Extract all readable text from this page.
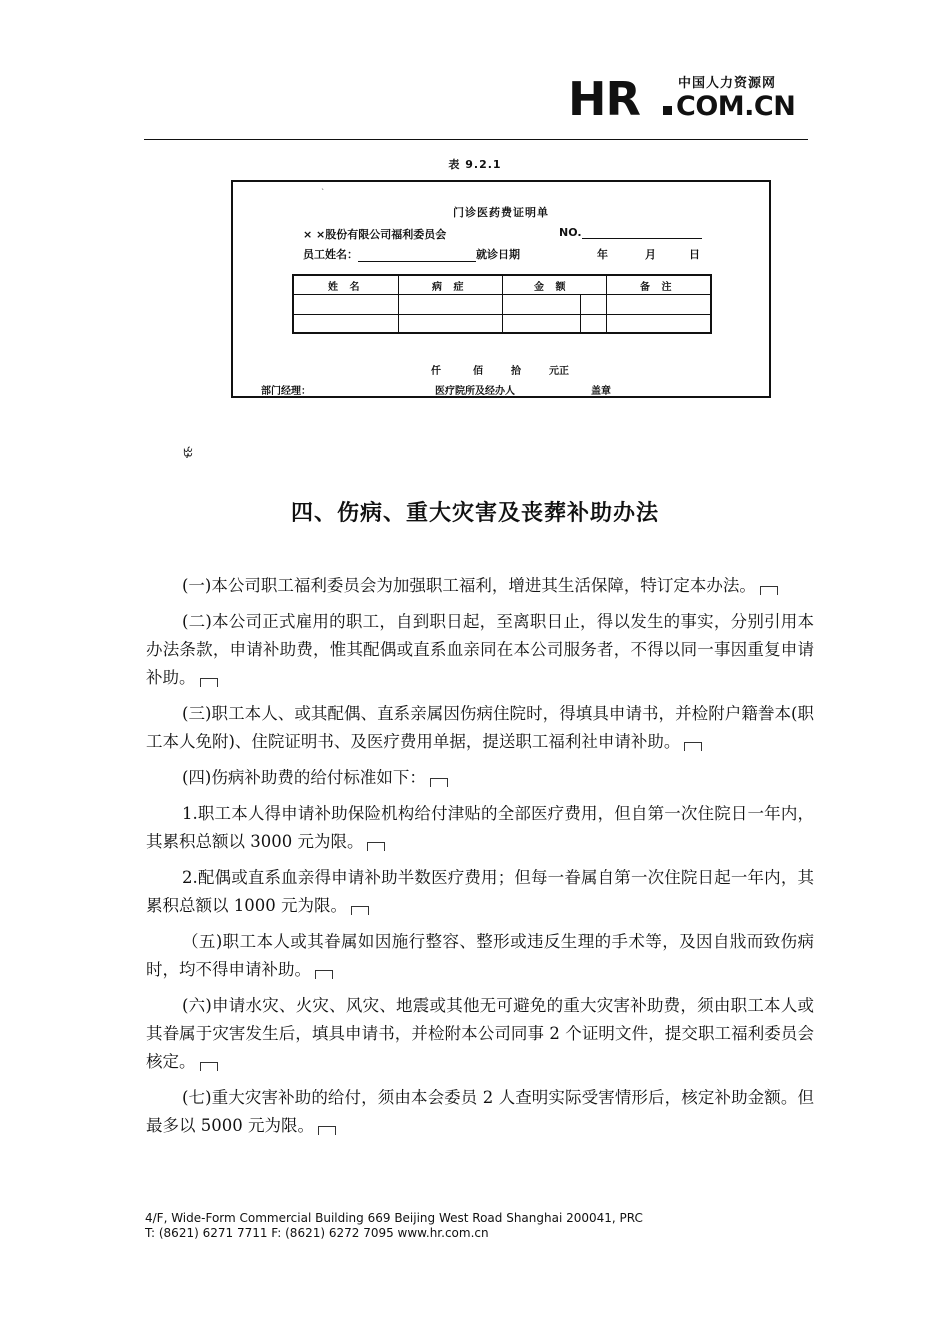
HR	中国人力资源网
COM.CN
表 9.2.1
ˋ
门诊医药费证明单
× ×股份有限公司福利委员会	NO.
员工姓名：	就诊日期	年	月	日
姓 名	病 症	金 额	备 注
仟	佰	拾	元正
部门经理：	医疗院所及经办人	盖章
ꔲ
四、伤病、重大灾害及丧葬补助办法

(一)本公司职工福利委员会为加强职工福利，增进其生活保障，特订定本办法。

(二)本公司正式雇用的职工，自到职日起，至离职日止，得以发生的事实，分别引用本办法条款，申请补助费，惟其配偶或直系血亲同在本公司服务者，不得以同一事因重复申请补助。

(三)职工本人、或其配偶、直系亲属因伤病住院时，得填具申请书，并检附户籍誊本(职工本人免附)、住院证明书、及医疗费用单据，提送职工福利社申请补助。

(四)伤病补助费的给付标准如下：

1.职工本人得申请补助保险机构给付津贴的全部医疗费用，但自第一次住院日一年内，其累积总额以 3000 元为限。

2.配偶或直系血亲得申请补助半数医疗费用；但每一眷属自第一次住院日起一年内，其累积总额以 1000 元为限。

（五)职工本人或其眷属如因施行整容、整形或违反生理的手术等，及因自戕而致伤病时，均不得申请补助。

(六)申请水灾、火灾、风灾、地震或其他无可避免的重大灾害补助费，须由职工本人或其眷属于灾害发生后，填具申请书，并检附本公司同事 2 个证明文件，提交职工福利委员会核定。

(七)重大灾害补助的给付，须由本会委员 2 人查明实际受害情形后，核定补助金额。但最多以 5000 元为限。

4/F, Wide-Form Commercial Building 669 Beijing West Road Shanghai 200041, PRC
T: (8621) 6271 7711 F: (8621) 6272 7095 www.hr.com.cn
